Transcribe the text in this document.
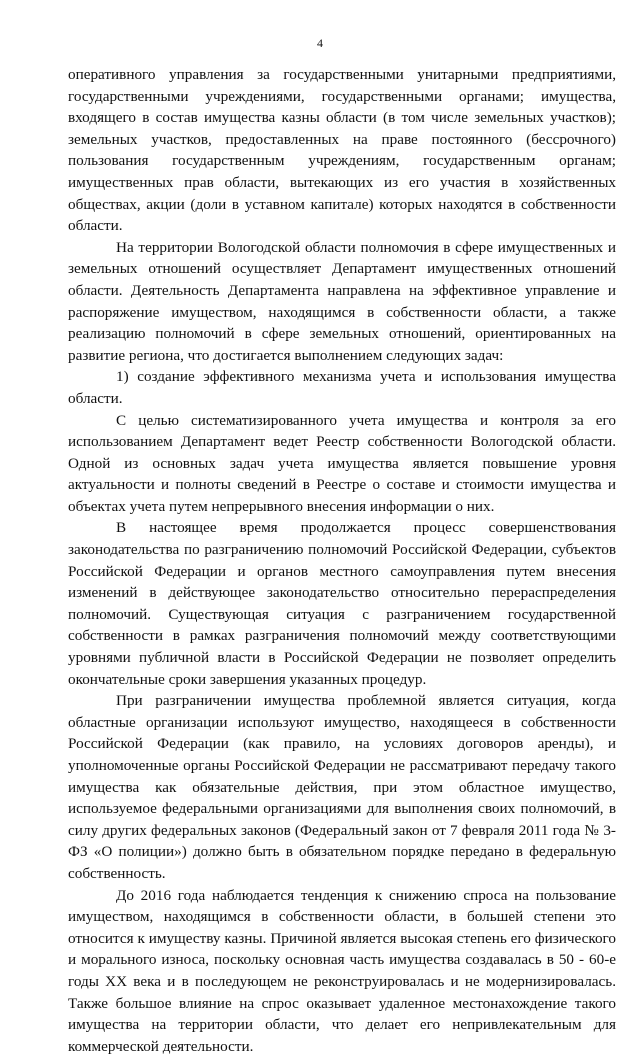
4

оперативного управления за государственными унитарными предприятиями, государственными учреждениями, государственными органами; имущества, входящего в состав имущества казны области (в том числе земельных участков); земельных участков, предоставленных на праве постоянного (бессрочного) пользования государственным учреждениям, государственным органам; имущественных прав области, вытекающих из его участия в хозяйственных обществах, акции (доли в уставном капитале) которых находятся в собственности области.

На территории Вологодской области полномочия в сфере имущественных и земельных отношений осуществляет Департамент имущественных отношений области. Деятельность Департамента направлена на эффективное управление и распоряжение имуществом, находящимся в собственности области, а также реализацию полномочий в сфере земельных отношений, ориентированных на развитие региона, что достигается выполнением следующих задач:

1) создание эффективного механизма учета и использования имущества области.

С целью систематизированного учета имущества и контроля за его использованием Департамент ведет Реестр собственности Вологодской области. Одной из основных задач учета имущества является повышение уровня актуальности и полноты сведений в Реестре о составе и стоимости имущества и объектах учета путем непрерывного внесения информации о них.

В настоящее время продолжается процесс совершенствования законодательства по разграничению полномочий Российской Федерации, субъектов Российской Федерации и органов местного самоуправления путем внесения изменений в действующее законодательство относительно перераспределения полномочий. Существующая ситуация с разграничением государственной собственности в рамках разграничения полномочий между соответствующими уровнями публичной власти в Российской Федерации не позволяет определить окончательные сроки завершения указанных процедур.

При разграничении имущества проблемной является ситуация, когда областные организации используют имущество, находящееся в собственности Российской Федерации (как правило, на условиях договоров аренды), и уполномоченные органы Российской Федерации не рассматривают передачу такого имущества как обязательные действия, при этом областное имущество, используемое федеральными организациями для выполнения своих полномочий, в силу других федеральных законов (Федеральный закон от 7 февраля 2011 года № 3-ФЗ «О полиции») должно быть в обязательном порядке передано в федеральную собственность.

До 2016 года наблюдается тенденция к снижению спроса на пользование имуществом, находящимся в собственности области, в большей степени это относится к имуществу казны. Причиной является высокая степень его физического и морального износа, поскольку основная часть имущества создавалась в 50 - 60-е годы XX века и в последующем не реконструировалась и не модернизировалась. Также большое влияние на спрос оказывает удаленное местонахождение такого имущества на территории области, что делает его непривлекательным для коммерческой деятельности.
